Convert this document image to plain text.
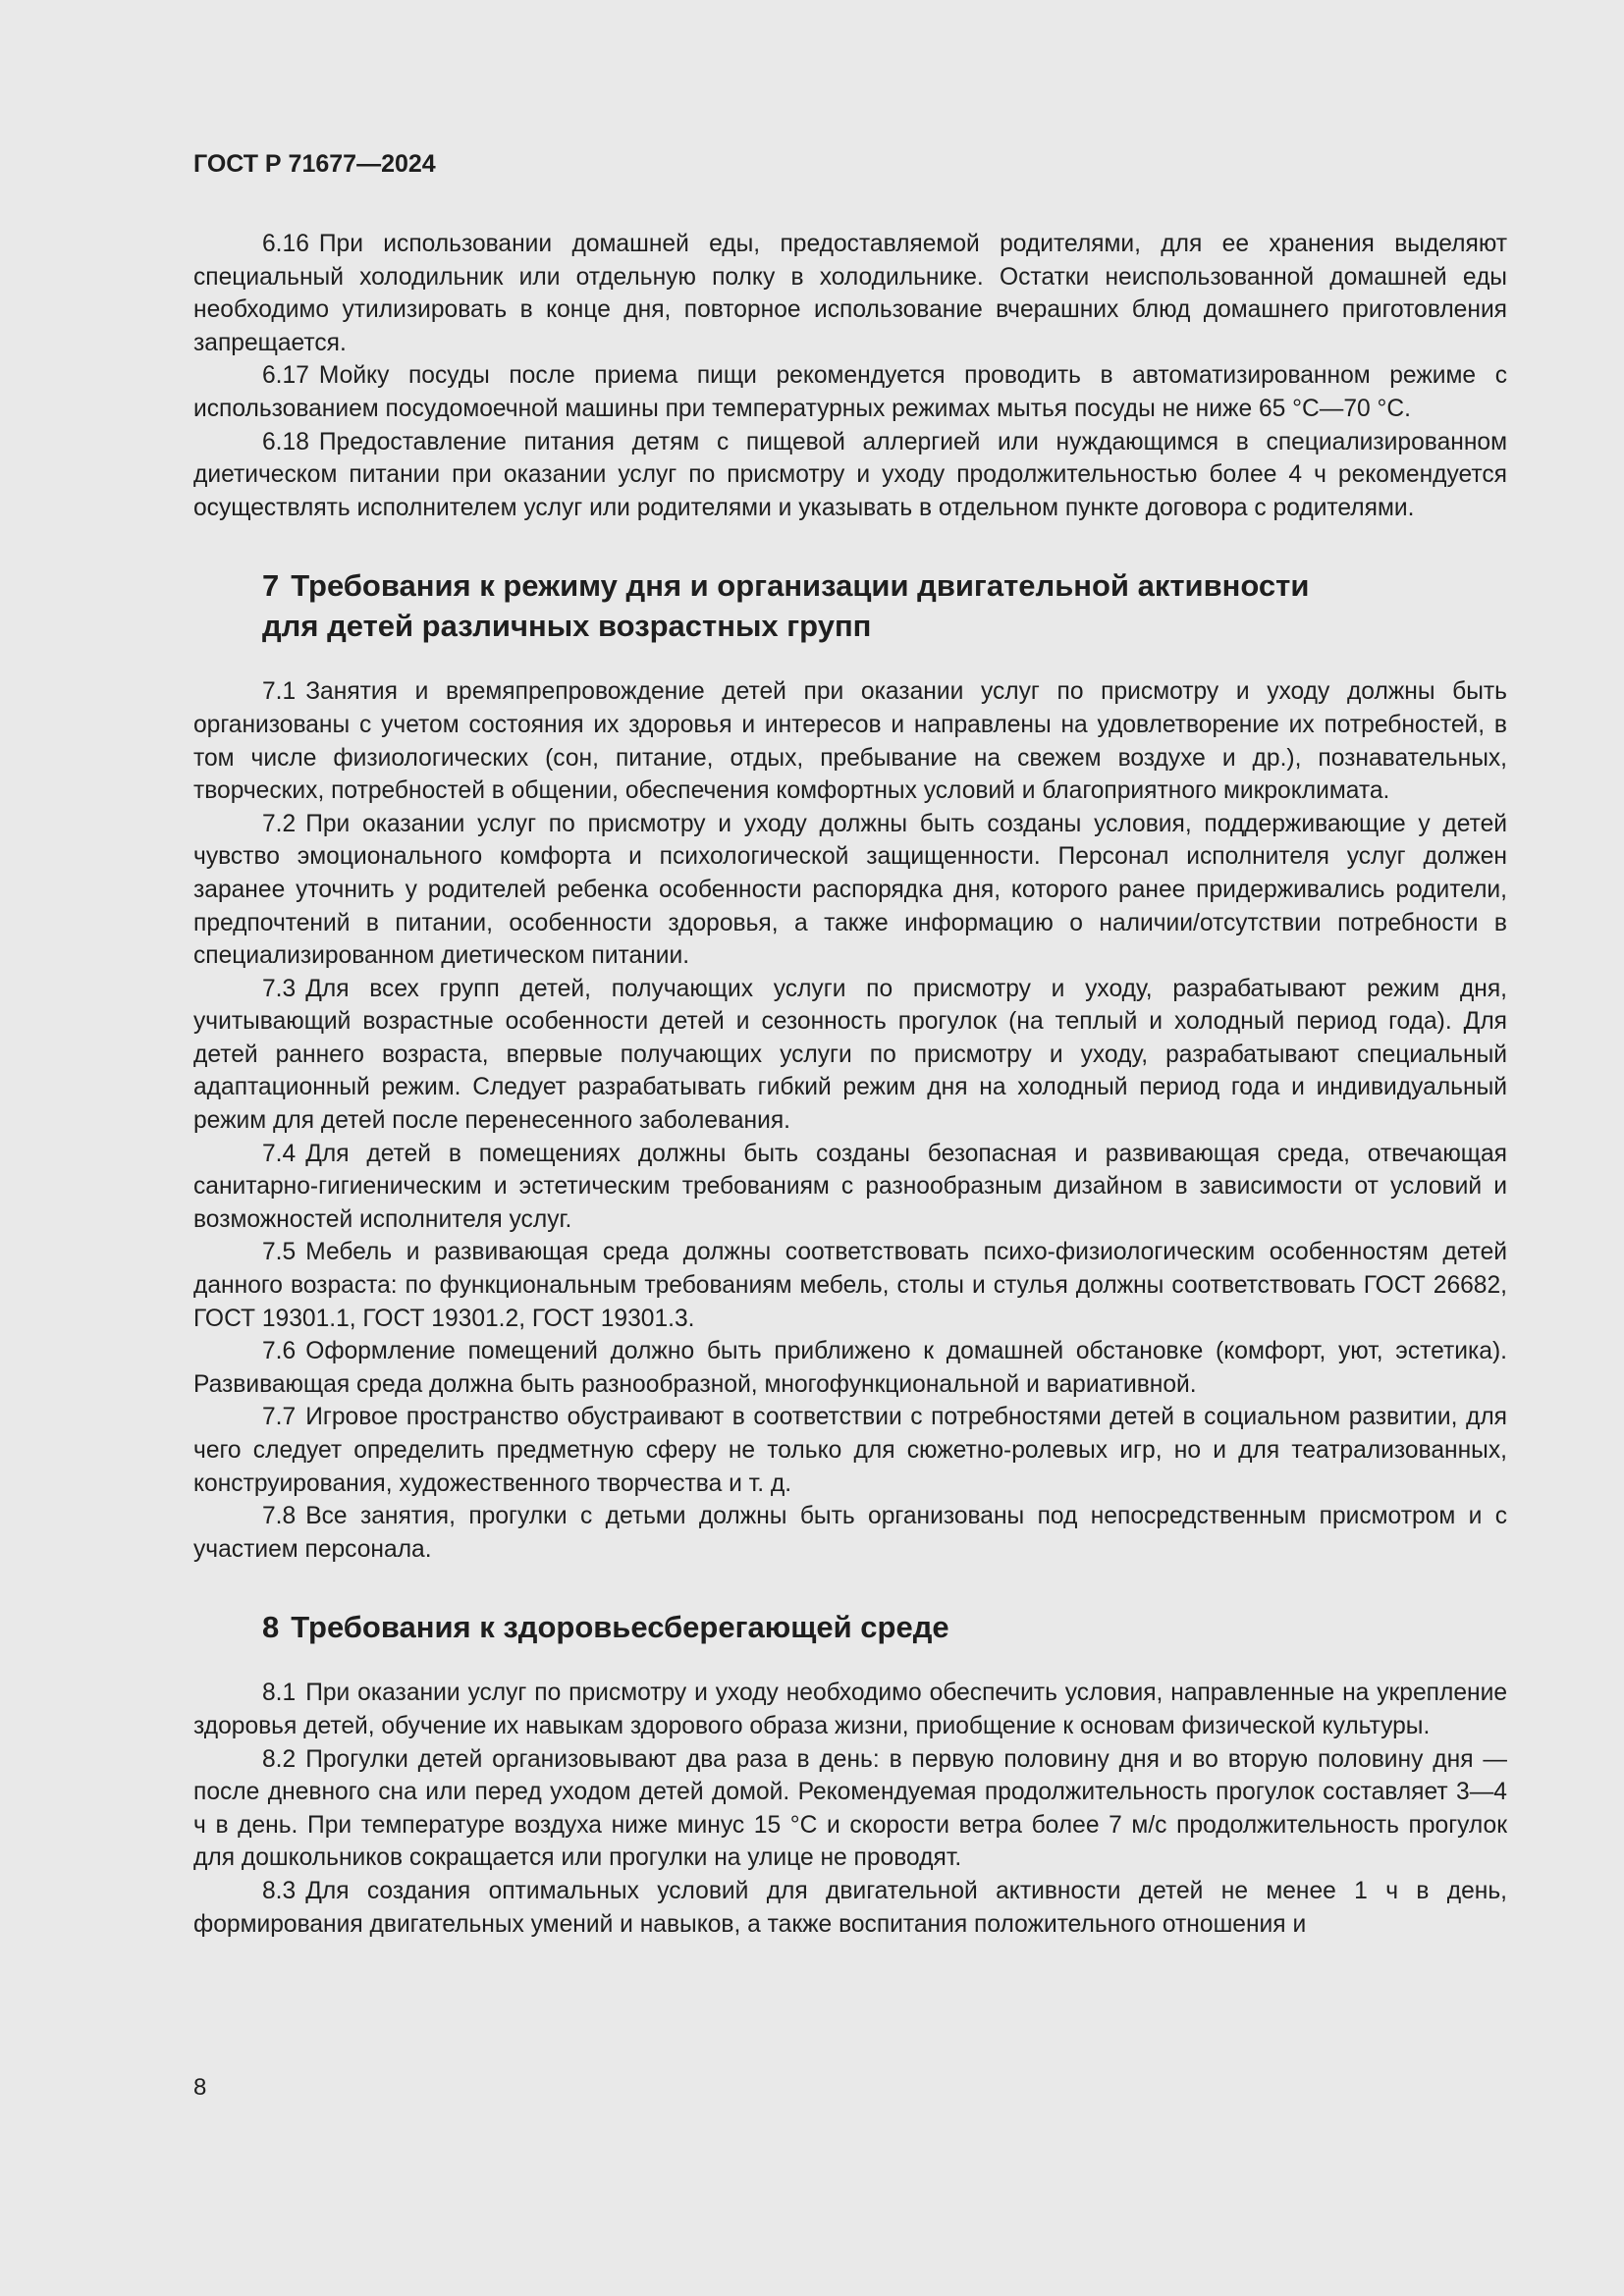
ГОСТ Р 71677—2024

6.16 При использовании домашней еды, предоставляемой родителями, для ее хранения выделяют специальный холодильник или отдельную полку в холодильнике. Остатки неиспользованной домашней еды необходимо утилизировать в конце дня, повторное использование вчерашних блюд домашнего приготовления запрещается.

6.17 Мойку посуды после приема пищи рекомендуется проводить в автоматизированном режиме с использованием посудомоечной машины при температурных режимах мытья посуды не ниже 65 °С—70 °С.

6.18 Предоставление питания детям с пищевой аллергией или нуждающимся в специализированном диетическом питании при оказании услуг по присмотру и уходу продолжительностью более 4 ч рекомендуется осуществлять исполнителем услуг или родителями и указывать в отдельном пункте договора с родителями.

7 Требования к режиму дня и организации двигательной активности
для детей различных возрастных групп

7.1 Занятия и времяпрепровождение детей при оказании услуг по присмотру и уходу должны быть организованы с учетом состояния их здоровья и интересов и направлены на удовлетворение их потребностей, в том числе физиологических (сон, питание, отдых, пребывание на свежем воздухе и др.), познавательных, творческих, потребностей в общении, обеспечения комфортных условий и благоприятного микроклимата.

7.2 При оказании услуг по присмотру и уходу должны быть созданы условия, поддерживающие у детей чувство эмоционального комфорта и психологической защищенности. Персонал исполнителя услуг должен заранее уточнить у родителей ребенка особенности распорядка дня, которого ранее придерживались родители, предпочтений в питании, особенности здоровья, а также информацию о наличии/отсутствии потребности в специализированном диетическом питании.

7.3 Для всех групп детей, получающих услуги по присмотру и уходу, разрабатывают режим дня, учитывающий возрастные особенности детей и сезонность прогулок (на теплый и холодный период года). Для детей раннего возраста, впервые получающих услуги по присмотру и уходу, разрабатывают специальный адаптационный режим. Следует разрабатывать гибкий режим дня на холодный период года и индивидуальный режим для детей после перенесенного заболевания.

7.4 Для детей в помещениях должны быть созданы безопасная и развивающая среда, отвечающая санитарно-гигиеническим и эстетическим требованиям с разнообразным дизайном в зависимости от условий и возможностей исполнителя услуг.

7.5 Мебель и развивающая среда должны соответствовать психо-физиологическим особенностям детей данного возраста: по функциональным требованиям мебель, столы и стулья должны соответствовать ГОСТ 26682, ГОСТ 19301.1, ГОСТ 19301.2, ГОСТ 19301.3.

7.6 Оформление помещений должно быть приближено к домашней обстановке (комфорт, уют, эстетика). Развивающая среда должна быть разнообразной, многофункциональной и вариативной.

7.7 Игровое пространство обустраивают в соответствии с потребностями детей в социальном развитии, для чего следует определить предметную сферу не только для сюжетно-ролевых игр, но и для театрализованных, конструирования, художественного творчества и т. д.

7.8 Все занятия, прогулки с детьми должны быть организованы под непосредственным присмотром и с участием персонала.

8 Требования к здоровьесберегающей среде

8.1 При оказании услуг по присмотру и уходу необходимо обеспечить условия, направленные на укрепление здоровья детей, обучение их навыкам здорового образа жизни, приобщение к основам физической культуры.

8.2 Прогулки детей организовывают два раза в день: в первую половину дня и во вторую половину дня — после дневного сна или перед уходом детей домой. Рекомендуемая продолжительность прогулок составляет 3—4 ч в день. При температуре воздуха ниже минус 15 °С и скорости ветра более 7 м/с продолжительность прогулок для дошкольников сокращается или прогулки на улице не проводят.

8.3 Для создания оптимальных условий для двигательной активности детей не менее 1 ч в день, формирования двигательных умений и навыков, а также воспитания положительного отношения и

8
